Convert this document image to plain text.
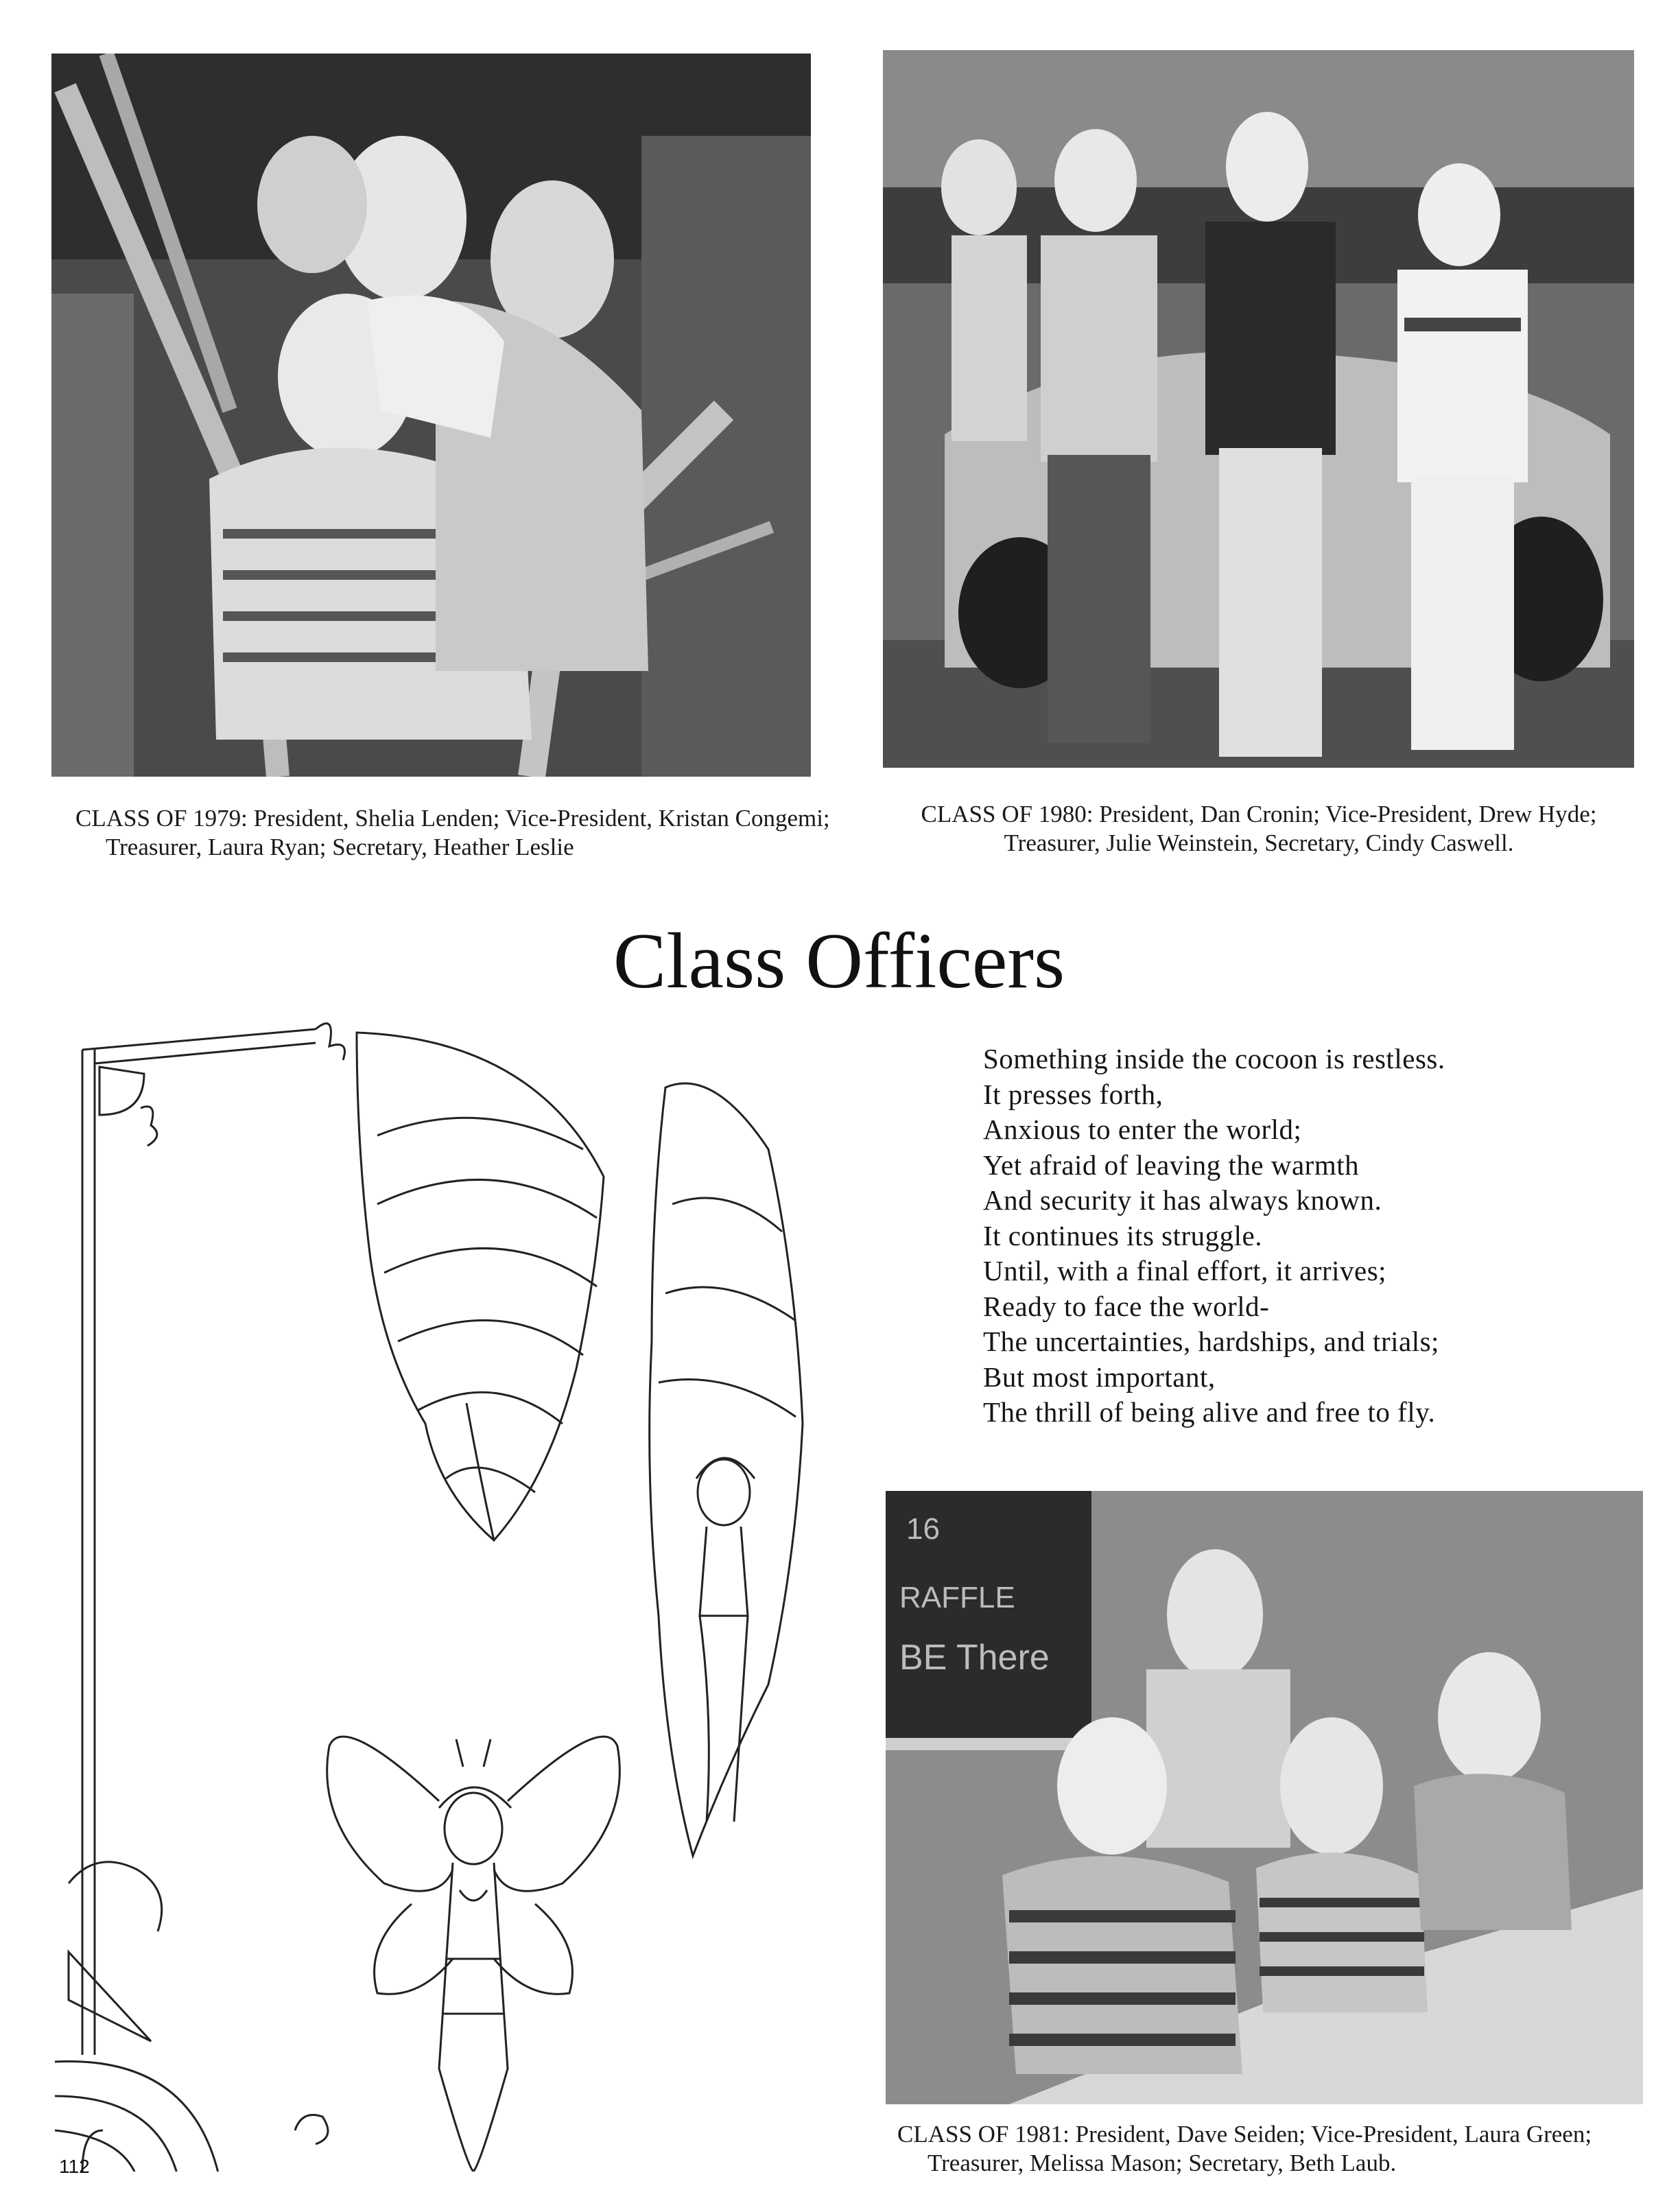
CLASS OF 1979: President, Shelia Lenden; Vice-President, Kristan Congemi; Treasurer, Laura Ryan; Secretary, Heather Leslie

CLASS OF 1980: President, Dan Cronin; Vice-President, Drew Hyde; Treasurer, Julie Weinstein, Secretary, Cindy Caswell.

Class Officers
Something inside the cocoon is restless.
It presses forth,
Anxious to enter the world;
Yet afraid of leaving the warmth
And security it has always known.
It continues its struggle.
Until, with a final effort, it arrives;
Ready to face the world-
The uncertainties, hardships, and trials;
But most important,
The thrill of being alive and free to fly.
16
RAFFLE
BE There

CLASS OF 1981: President, Dave Seiden; Vice-President, Laura Green; Treasurer, Melissa Mason; Secretary, Beth Laub.

112
